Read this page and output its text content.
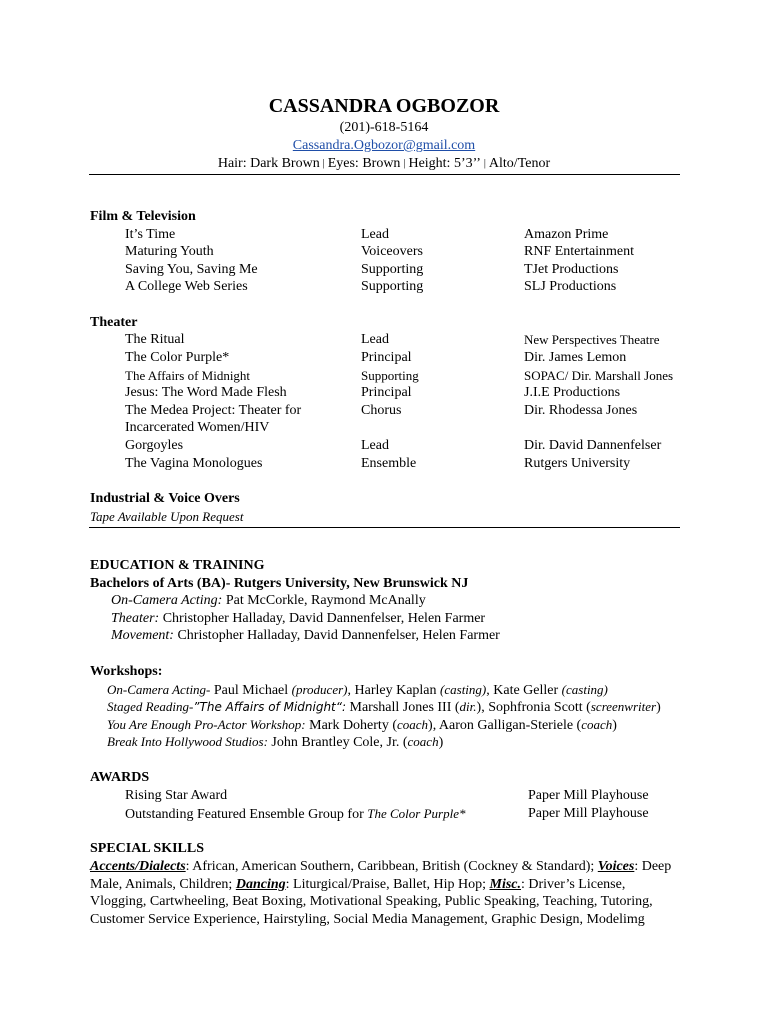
CASSANDRA OGBOZOR
(201)-618-5164
Cassandra.Ogbozor@gmail.com
Hair: Dark Brown | Eyes: Brown | Height: 5’3’’ | Alto/Tenor
Film & Television
It’s Time	Lead	Amazon Prime
Maturing Youth	Voiceovers	RNF Entertainment
Saving You, Saving Me	Supporting	TJet Productions
A College Web Series	Supporting	SLJ Productions
Theater
The Ritual	Lead	New Perspectives Theatre
The Color Purple*	Principal	Dir. James Lemon
The Affairs of Midnight	Supporting	SOPAC/ Dir. Marshall Jones
Jesus: The Word Made Flesh	Principal	J.I.E Productions
The Medea Project: Theater for	Chorus	Dir. Rhodessa Jones
Incarcerated Women/HIV
Gorgoyles	Lead	Dir. David Dannenfelser
The Vagina Monologues	Ensemble	Rutgers University
Industrial & Voice Overs
Tape Available Upon Request
EDUCATION & TRAINING
Bachelors of Arts (BA)- Rutgers University, New Brunswick NJ
On-Camera Acting: Pat McCorkle, Raymond McAnally
Theater: Christopher Halladay, David Dannenfelser, Helen Farmer
Movement: Christopher Halladay, David Dannenfelser, Helen Farmer
Workshops:
On-Camera Acting- Paul Michael (producer), Harley Kaplan (casting), Kate Geller (casting)
Staged Reading-”The Affairs of Midnight“: Marshall Jones III (dir.), Sophfronia Scott (screenwriter)
You Are Enough Pro-Actor Workshop: Mark Doherty (coach), Aaron Galligan-Steriele (coach)
Break Into Hollywood Studios: John Brantley Cole, Jr. (coach)
AWARDS
Rising Star Award	Paper Mill Playhouse
Outstanding Featured Ensemble Group for The Color Purple*	Paper Mill Playhouse
SPECIAL SKILLS
Accents/Dialects: African, American Southern, Caribbean, British (Cockney & Standard); Voices: Deep
Male, Animals, Children; Dancing: Liturgical/Praise, Ballet, Hip Hop; Misc.: Driver’s License,
Vlogging, Cartwheeling, Beat Boxing, Motivational Speaking, Public Speaking, Teaching, Tutoring,
Customer Service Experience, Hairstyling, Social Media Management, Graphic Design, Modelimg
